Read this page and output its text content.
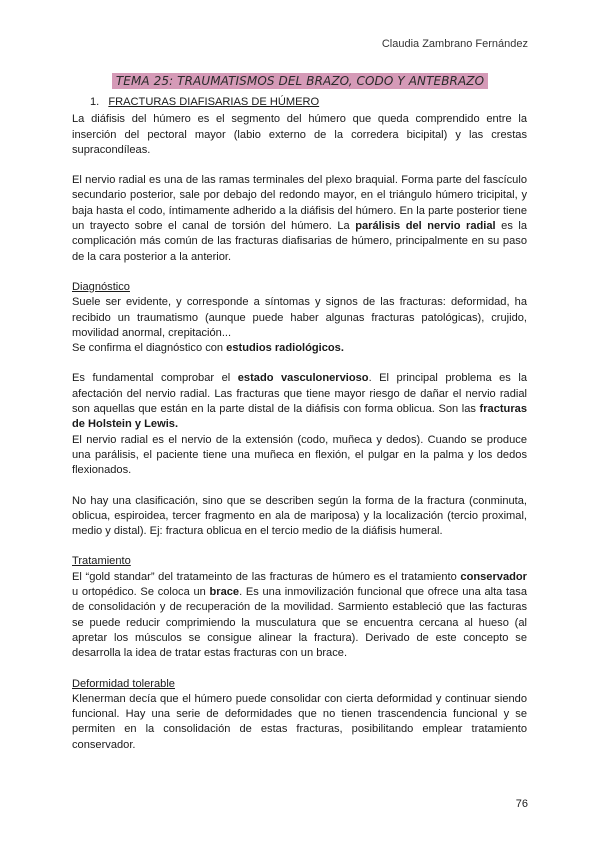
Claudia Zambrano Fernández
TEMA 25: TRAUMATISMOS DEL BRAZO, CODO Y ANTEBRAZO
1. FRACTURAS DIAFISARIAS DE HÚMERO

La diáfisis del húmero es el segmento del húmero que queda comprendido entre la inserción del pectoral mayor (labio externo de la corredera bicipital) y las crestas supracondíleas.

El nervio radial es una de las ramas terminales del plexo braquial. Forma parte del fascículo secundario posterior, sale por debajo del redondo mayor, en el triángulo húmero tricipital, y baja hasta el codo, íntimamente adherido a la diáfisis del húmero. En la parte posterior tiene un trayecto sobre el canal de torsión del húmero. La parálisis del nervio radial es la complicación más común de las fracturas diafisarias de húmero, principalmente en su paso de la cara posterior a la anterior.

Diagnóstico

Suele ser evidente, y corresponde a síntomas y signos de las fracturas: deformidad, ha recibido un traumatismo (aunque puede haber algunas fracturas patológicas), crujido, movilidad anormal, crepitación...

Se confirma el diagnóstico con estudios radiológicos.

Es fundamental comprobar el estado vasculonervioso. El principal problema es la afectación del nervio radial. Las fracturas que tiene mayor riesgo de dañar el nervio radial son aquellas que están en la parte distal de la diáfisis con forma oblicua. Son las fracturas de Holstein y Lewis.

El nervio radial es el nervio de la extensión (codo, muñeca y dedos). Cuando se produce una parálisis, el paciente tiene una muñeca en flexión, el pulgar en la palma y los dedos flexionados.

No hay una clasificación, sino que se describen según la forma de la fractura (conminuta, oblicua, espiroidea, tercer fragmento en ala de mariposa) y la localización (tercio proximal, medio y distal). Ej: fractura oblicua en el tercio medio de la diáfisis humeral.

Tratamiento

El “gold standar” del tratameinto de las fracturas de húmero es el tratamiento conservador u ortopédico. Se coloca un brace. Es una inmovilización funcional que ofrece una alta tasa de consolidación y de recuperación de la movilidad. Sarmiento estableció que las facturas se puede reducir comprimiendo la musculatura que se encuentra cercana al hueso (al apretar los músculos se consigue alinear la fractura). Derivado de este concepto se desarrolla la idea de tratar estas fracturas con un brace.

Deformidad tolerable

Klenerman decía que el húmero puede consolidar con cierta deformidad y continuar siendo funcional. Hay una serie de deformidades que no tienen trascendencia funcional y se permiten en la consolidación de estas fracturas, posibilitando emplear tratamiento conservador.

76
